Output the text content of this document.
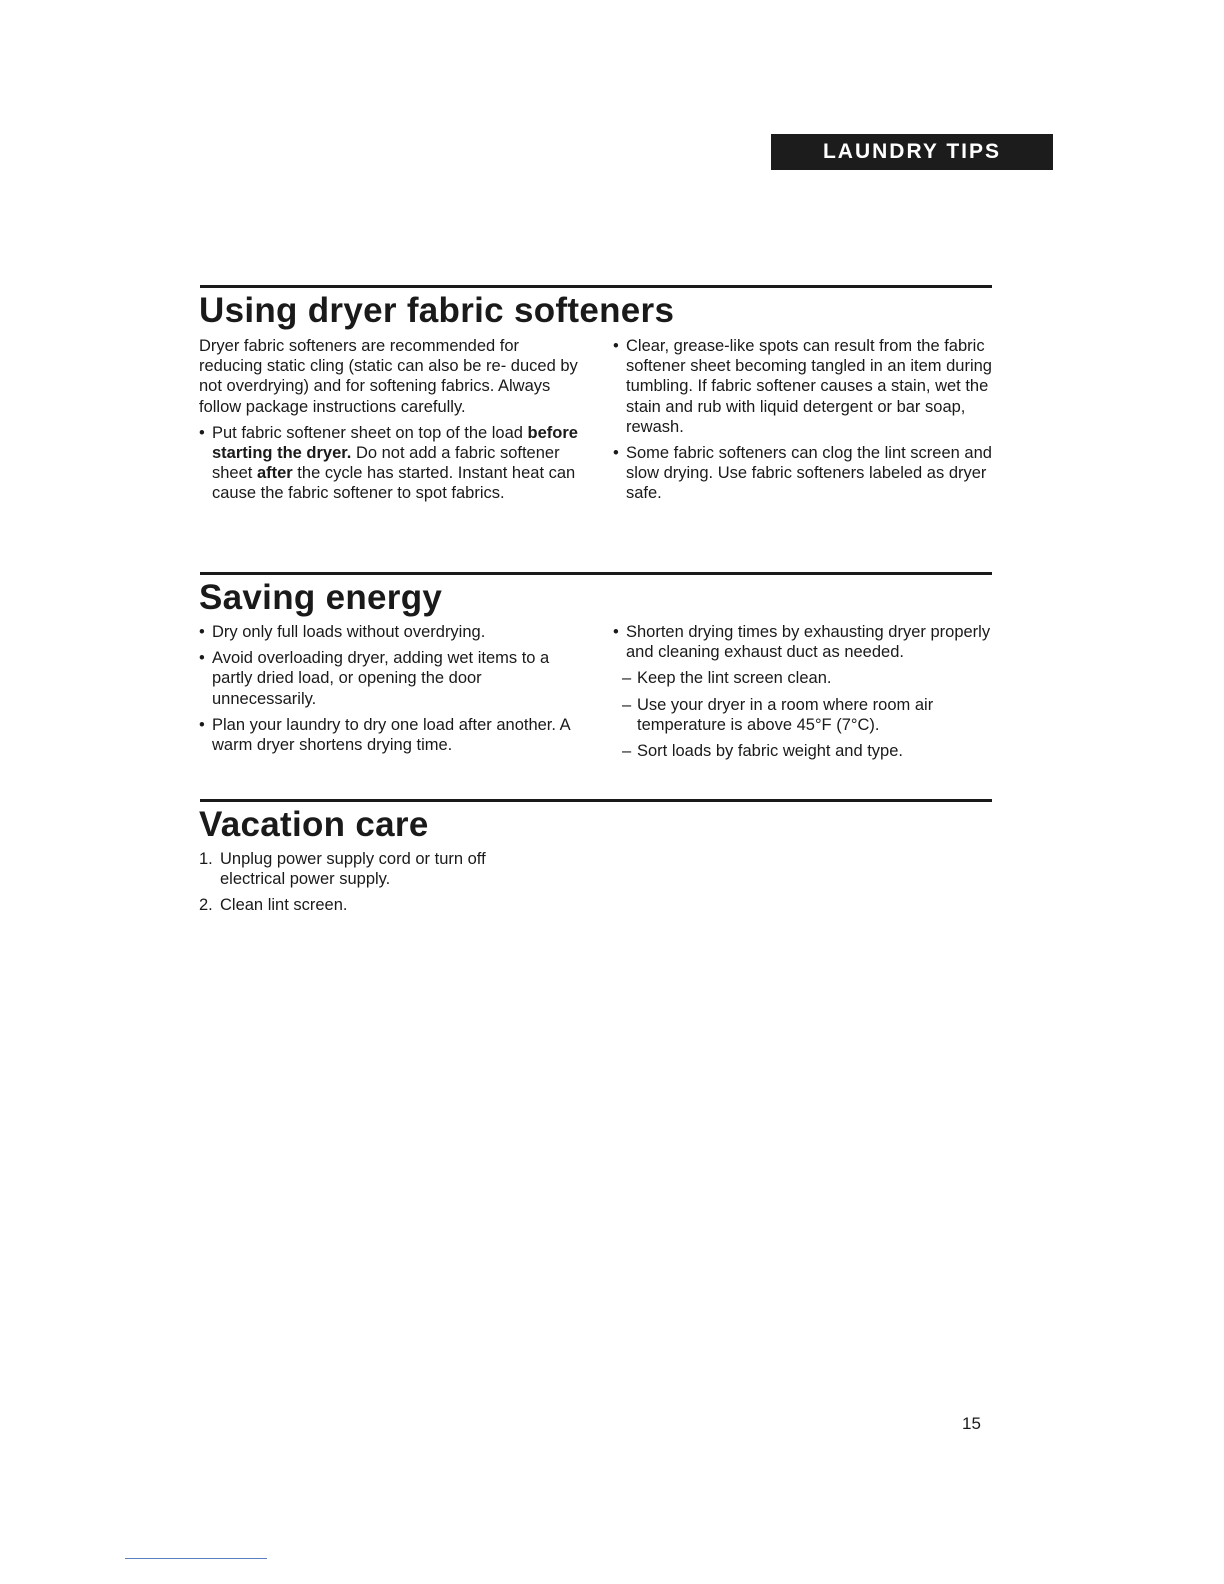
LAUNDRY TIPS
Using dryer fabric softeners

Dryer fabric softeners are recommended for reducing static cling (static can also be re- duced by not overdrying) and for softening fabrics. Always follow package instructions carefully.

• Put fabric softener sheet on top of the load before starting the dryer. Do not add a fabric softener sheet after the cycle has started. Instant heat can cause the fabric softener to spot fabrics.

• Clear, grease-like spots can result from the fabric softener sheet becoming tangled in an item during tumbling. If fabric softener causes a stain, wet the stain and rub with liquid detergent or bar soap, rewash.

• Some fabric softeners can clog the lint screen and slow drying. Use fabric softeners labeled as dryer safe.

Saving energy

• Dry only full loads without overdrying.

• Avoid overloading dryer, adding wet items to a partly dried load, or opening the door unnecessarily.

• Plan your laundry to dry one load after another. A warm dryer shortens drying time.

• Shorten drying times by exhausting dryer properly and cleaning exhaust duct as needed.

– Keep the lint screen clean.

– Use your dryer in a room where room air temperature is above 45°F (7°C).

– Sort loads by fabric weight and type.

Vacation care

1. Unplug power supply cord or turn off electrical power supply.

2. Clean lint screen.

15
